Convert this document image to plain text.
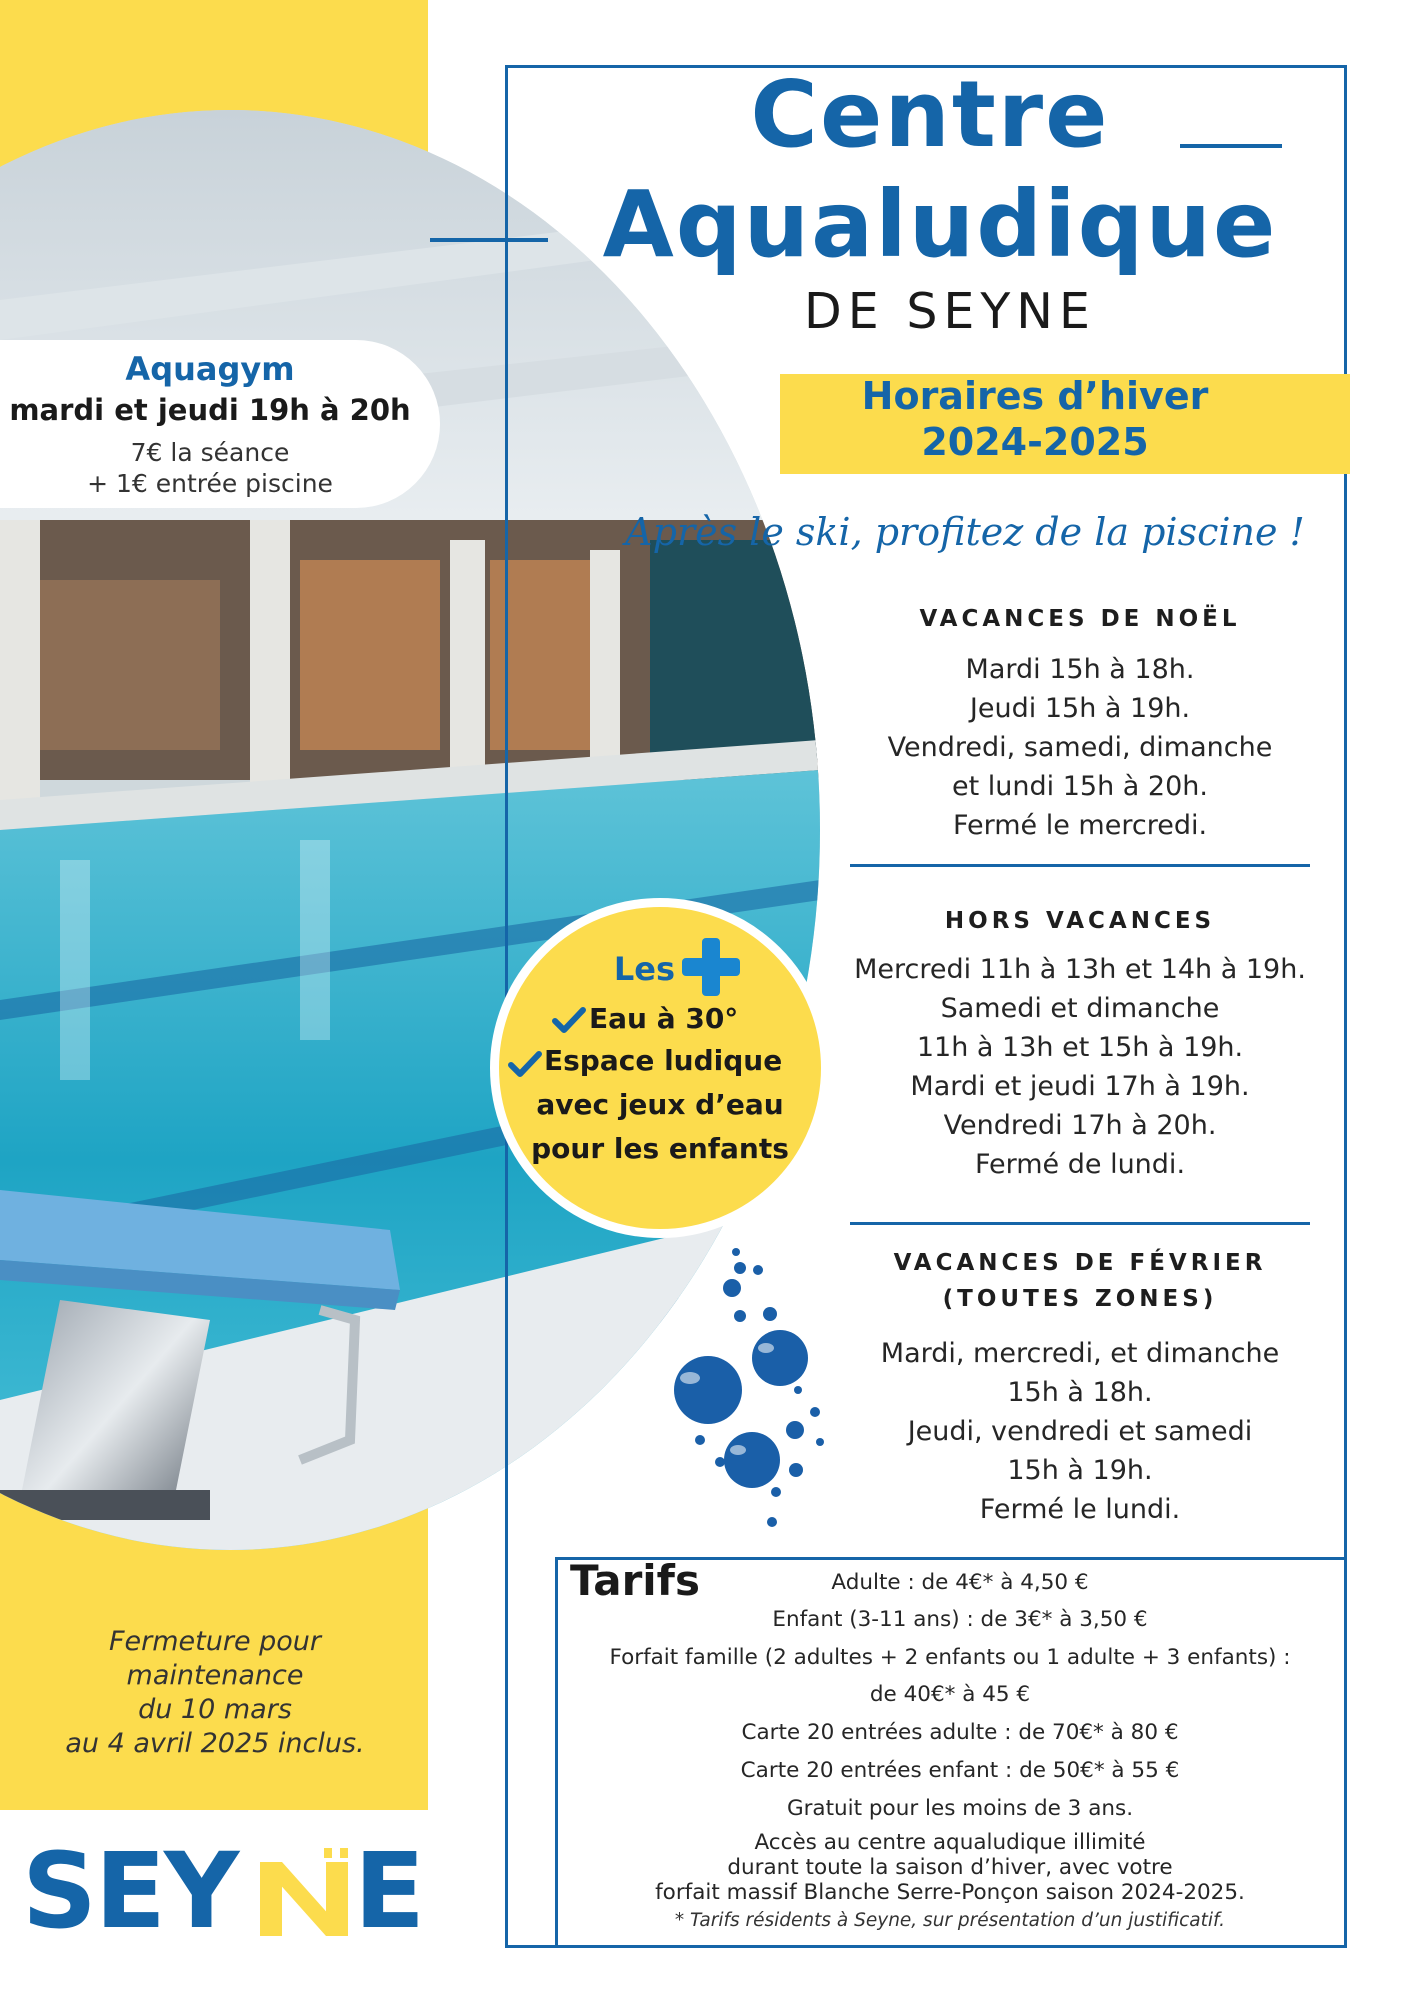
Aquagym
mardi et jeudi 19h à 20h
7€ la séance
+ 1€ entrée piscine
Centre
Aqualudique
DE SEYNE
Horaires d’hiver
2024-2025
Après le ski, profitez de la piscine !
VACANCES DE NOËL
Mardi 15h à 18h.
Jeudi 15h à 19h.
Vendredi, samedi, dimanche
et lundi 15h à 20h.
Fermé le mercredi.
HORS VACANCES
Mercredi 11h à 13h et 14h à 19h.
Samedi et dimanche
11h à 13h et 15h à 19h.
Mardi et jeudi 17h à 19h.
Vendredi 17h à 20h.
Fermé de lundi.
VACANCES DE FÉVRIER
(TOUTES ZONES)
Mardi, mercredi, et dimanche
15h à 18h.
Jeudi, vendredi et samedi
15h à 19h.
Fermé le lundi.
Les
Eau à 30°
Espace ludique
avec jeux d’eau
pour les enfants
Fermeture pour
maintenance
du 10 mars
au 4 avril 2025 inclus.
SEY E
Tarifs	Adulte : de 4€* à 4,50 €
Enfant (3-11 ans) : de 3€* à 3,50 €
Forfait famille (2 adultes + 2 enfants ou 1 adulte + 3 enfants) :
de 40€* à 45 €
Carte 20 entrées adulte : de 70€* à 80 €
Carte 20 entrées enfant : de 50€* à 55 €
Gratuit pour les moins de 3 ans.
Accès au centre aqualudique illimité
durant toute la saison d’hiver, avec votre
forfait massif Blanche Serre-Ponçon saison 2024-2025.
* Tarifs résidents à Seyne, sur présentation d’un justificatif.
